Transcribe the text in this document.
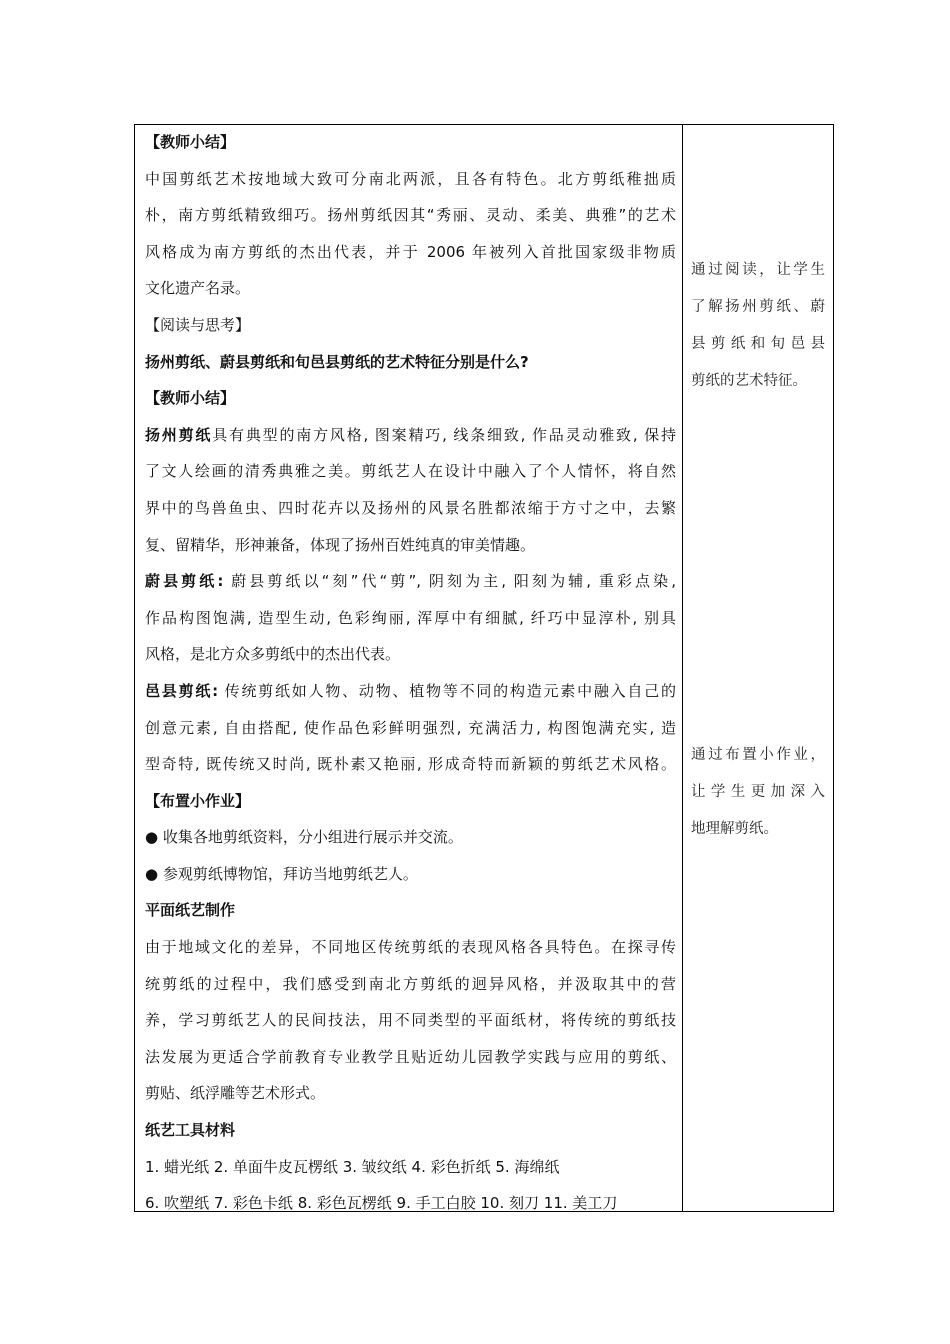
【教师小结】
中国剪纸艺术按地域大致可分南北两派，且各有特色。北方剪纸稚拙质
朴，南方剪纸精致细巧。扬州剪纸因其“秀丽、灵动、柔美、典雅”的艺术
风格成为南方剪纸的杰出代表，并于 2006 年被列入首批国家级非物质
文化遗产名录。
【阅读与思考】
扬州剪纸、蔚县剪纸和旬邑县剪纸的艺术特征分别是什么?
【教师小结】
扬州剪纸具有典型的南方风格, 图案精巧, 线条细致, 作品灵动雅致, 保持
了文人绘画的清秀典雅之美。剪纸艺人在设计中融入了个人情怀，将自然
界中的鸟兽鱼虫、四时花卉以及扬州的风景名胜都浓缩于方寸之中，去繁
复、留精华，形神兼备，体现了扬州百姓纯真的审美情趣。
蔚县剪纸: 蔚县剪纸以“刻”代“剪”, 阴刻为主, 阳刻为辅, 重彩点染,
作品构图饱满, 造型生动, 色彩绚丽, 浑厚中有细腻, 纤巧中显淳朴, 别具
风格，是北方众多剪纸中的杰出代表。
邑县剪纸: 传统剪纸如人物、动物、植物等不同的构造元素中融入自己的
创意元素, 自由搭配, 使作品色彩鲜明强烈, 充满活力, 构图饱满充实, 造
型奇特, 既传统又时尚, 既朴素又艳丽, 形成奇特而新颖的剪纸艺术风格。
【布置小作业】
● 收集各地剪纸资料，分小组进行展示并交流。
● 参观剪纸博物馆，拜访当地剪纸艺人。
平面纸艺制作
由于地域文化的差异，不同地区传统剪纸的表现风格各具特色。在探寻传
统剪纸的过程中，我们感受到南北方剪纸的迥异风格，并汲取其中的营
养，学习剪纸艺人的民间技法，用不同类型的平面纸材，将传统的剪纸技
法发展为更适合学前教育专业教学且贴近幼儿园教学实践与应用的剪纸、
剪贴、纸浮雕等艺术形式。
纸艺工具材料
1. 蜡光纸 2. 单面牛皮瓦楞纸 3. 皱纹纸 4. 彩色折纸 5. 海绵纸
6. 吹塑纸 7. 彩色卡纸 8. 彩色瓦楞纸 9. 手工白胶 10. 刻刀 11. 美工刀
通过阅读，让学生
了解扬州剪纸、蔚
县剪纸和旬邑县
剪纸的艺术特征。
通过布置小作业，
让学生更加深入
地理解剪纸。
